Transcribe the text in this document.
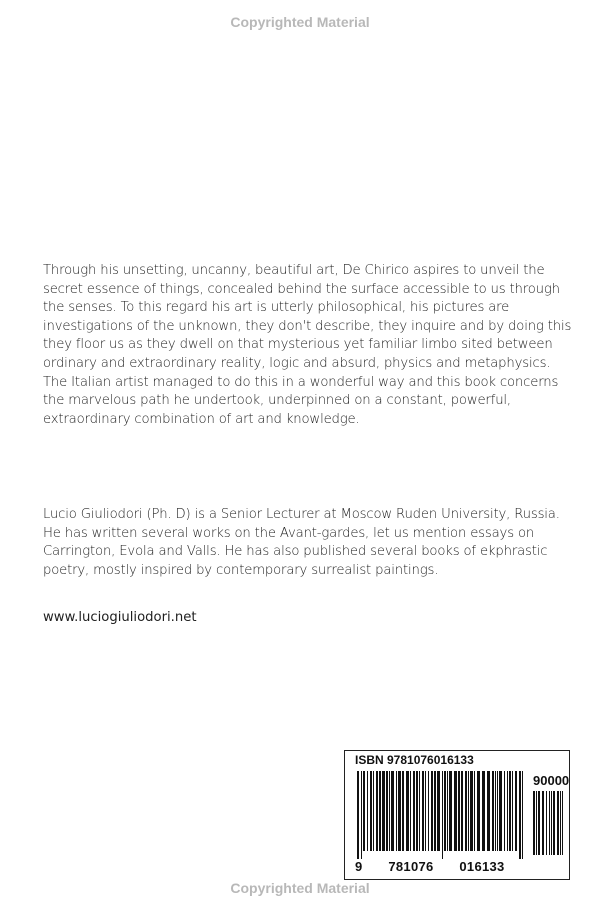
Copyrighted Material

Through his unsetting, uncanny, beautiful art, De Chirico aspires to unveil the secret essence of things, concealed behind the surface accessible to us through the senses. To this regard his art is utterly philosophical, his pictures are investigations of the unknown, they don't describe, they inquire and by doing this they floor us as they dwell on that mysterious yet familiar limbo sited between ordinary and extraordinary reality, logic and absurd, physics and metaphysics.

The Italian artist managed to do this in a wonderful way and this book concerns the marvelous path he undertook, underpinned on a constant, powerful, extraordinary combination of art and knowledge.

Lucio Giuliodori (Ph. D) is a Senior Lecturer at Moscow Ruden University, Russia. He has written several works on the Avant-gardes, let us mention essays on Carrington, Evola and Valls. He has also published several books of ekphrastic poetry, mostly inspired by contemporary surrealist paintings.

www.luciogiuliodori.net
ISBN 9781076016133
90000
9 781076 016133
Copyrighted Material
